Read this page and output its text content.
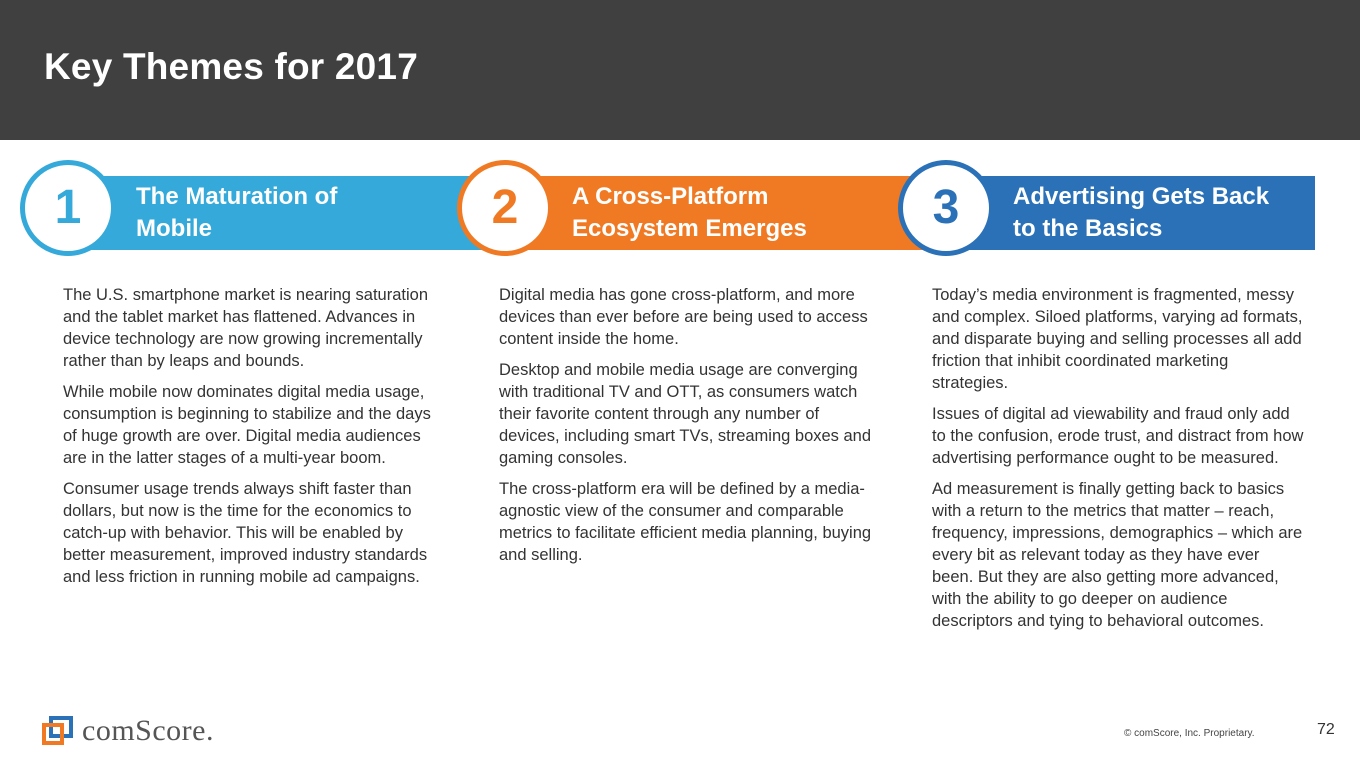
Key Themes for 2017
The Maturation of
Mobile
1	A Cross-Platform
Ecosystem Emerges
2	Advertising Gets Back
to the Basics
3

The U.S. smartphone market is nearing saturation and the tablet market has flattened. Advances in device technology are now growing incrementally rather than by leaps and bounds.

While mobile now dominates digital media usage, consumption is beginning to stabilize and the days of huge growth are over. Digital media audiences are in the latter stages of a multi-year boom.

Consumer usage trends always shift faster than dollars, but now is the time for the economics to catch-up with behavior. This will be enabled by better measurement, improved industry standards and less friction in running mobile ad campaigns.

Digital media has gone cross-platform, and more devices than ever before are being used to access content inside the home.

Desktop and mobile media usage are converging with traditional TV and OTT, as consumers watch their favorite content through any number of devices, including smart TVs, streaming boxes and gaming consoles.

The cross-platform era will be defined by a media-agnostic view of the consumer and comparable metrics to facilitate efficient media planning, buying and selling.

Today’s media environment is fragmented, messy and complex. Siloed platforms, varying ad formats, and disparate buying and selling processes all add friction that inhibit coordinated marketing strategies.

Issues of digital ad viewability and fraud only add to the confusion, erode trust, and distract from how advertising performance ought to be measured.

Ad measurement is finally getting back to basics with a return to the metrics that matter – reach, frequency, impressions, demographics – which are every bit as relevant today as they have ever been. But they are also getting more advanced, with the ability to go deeper on audience descriptors and tying to behavioral outcomes.

comScore.	© comScore, Inc. Proprietary.	72
